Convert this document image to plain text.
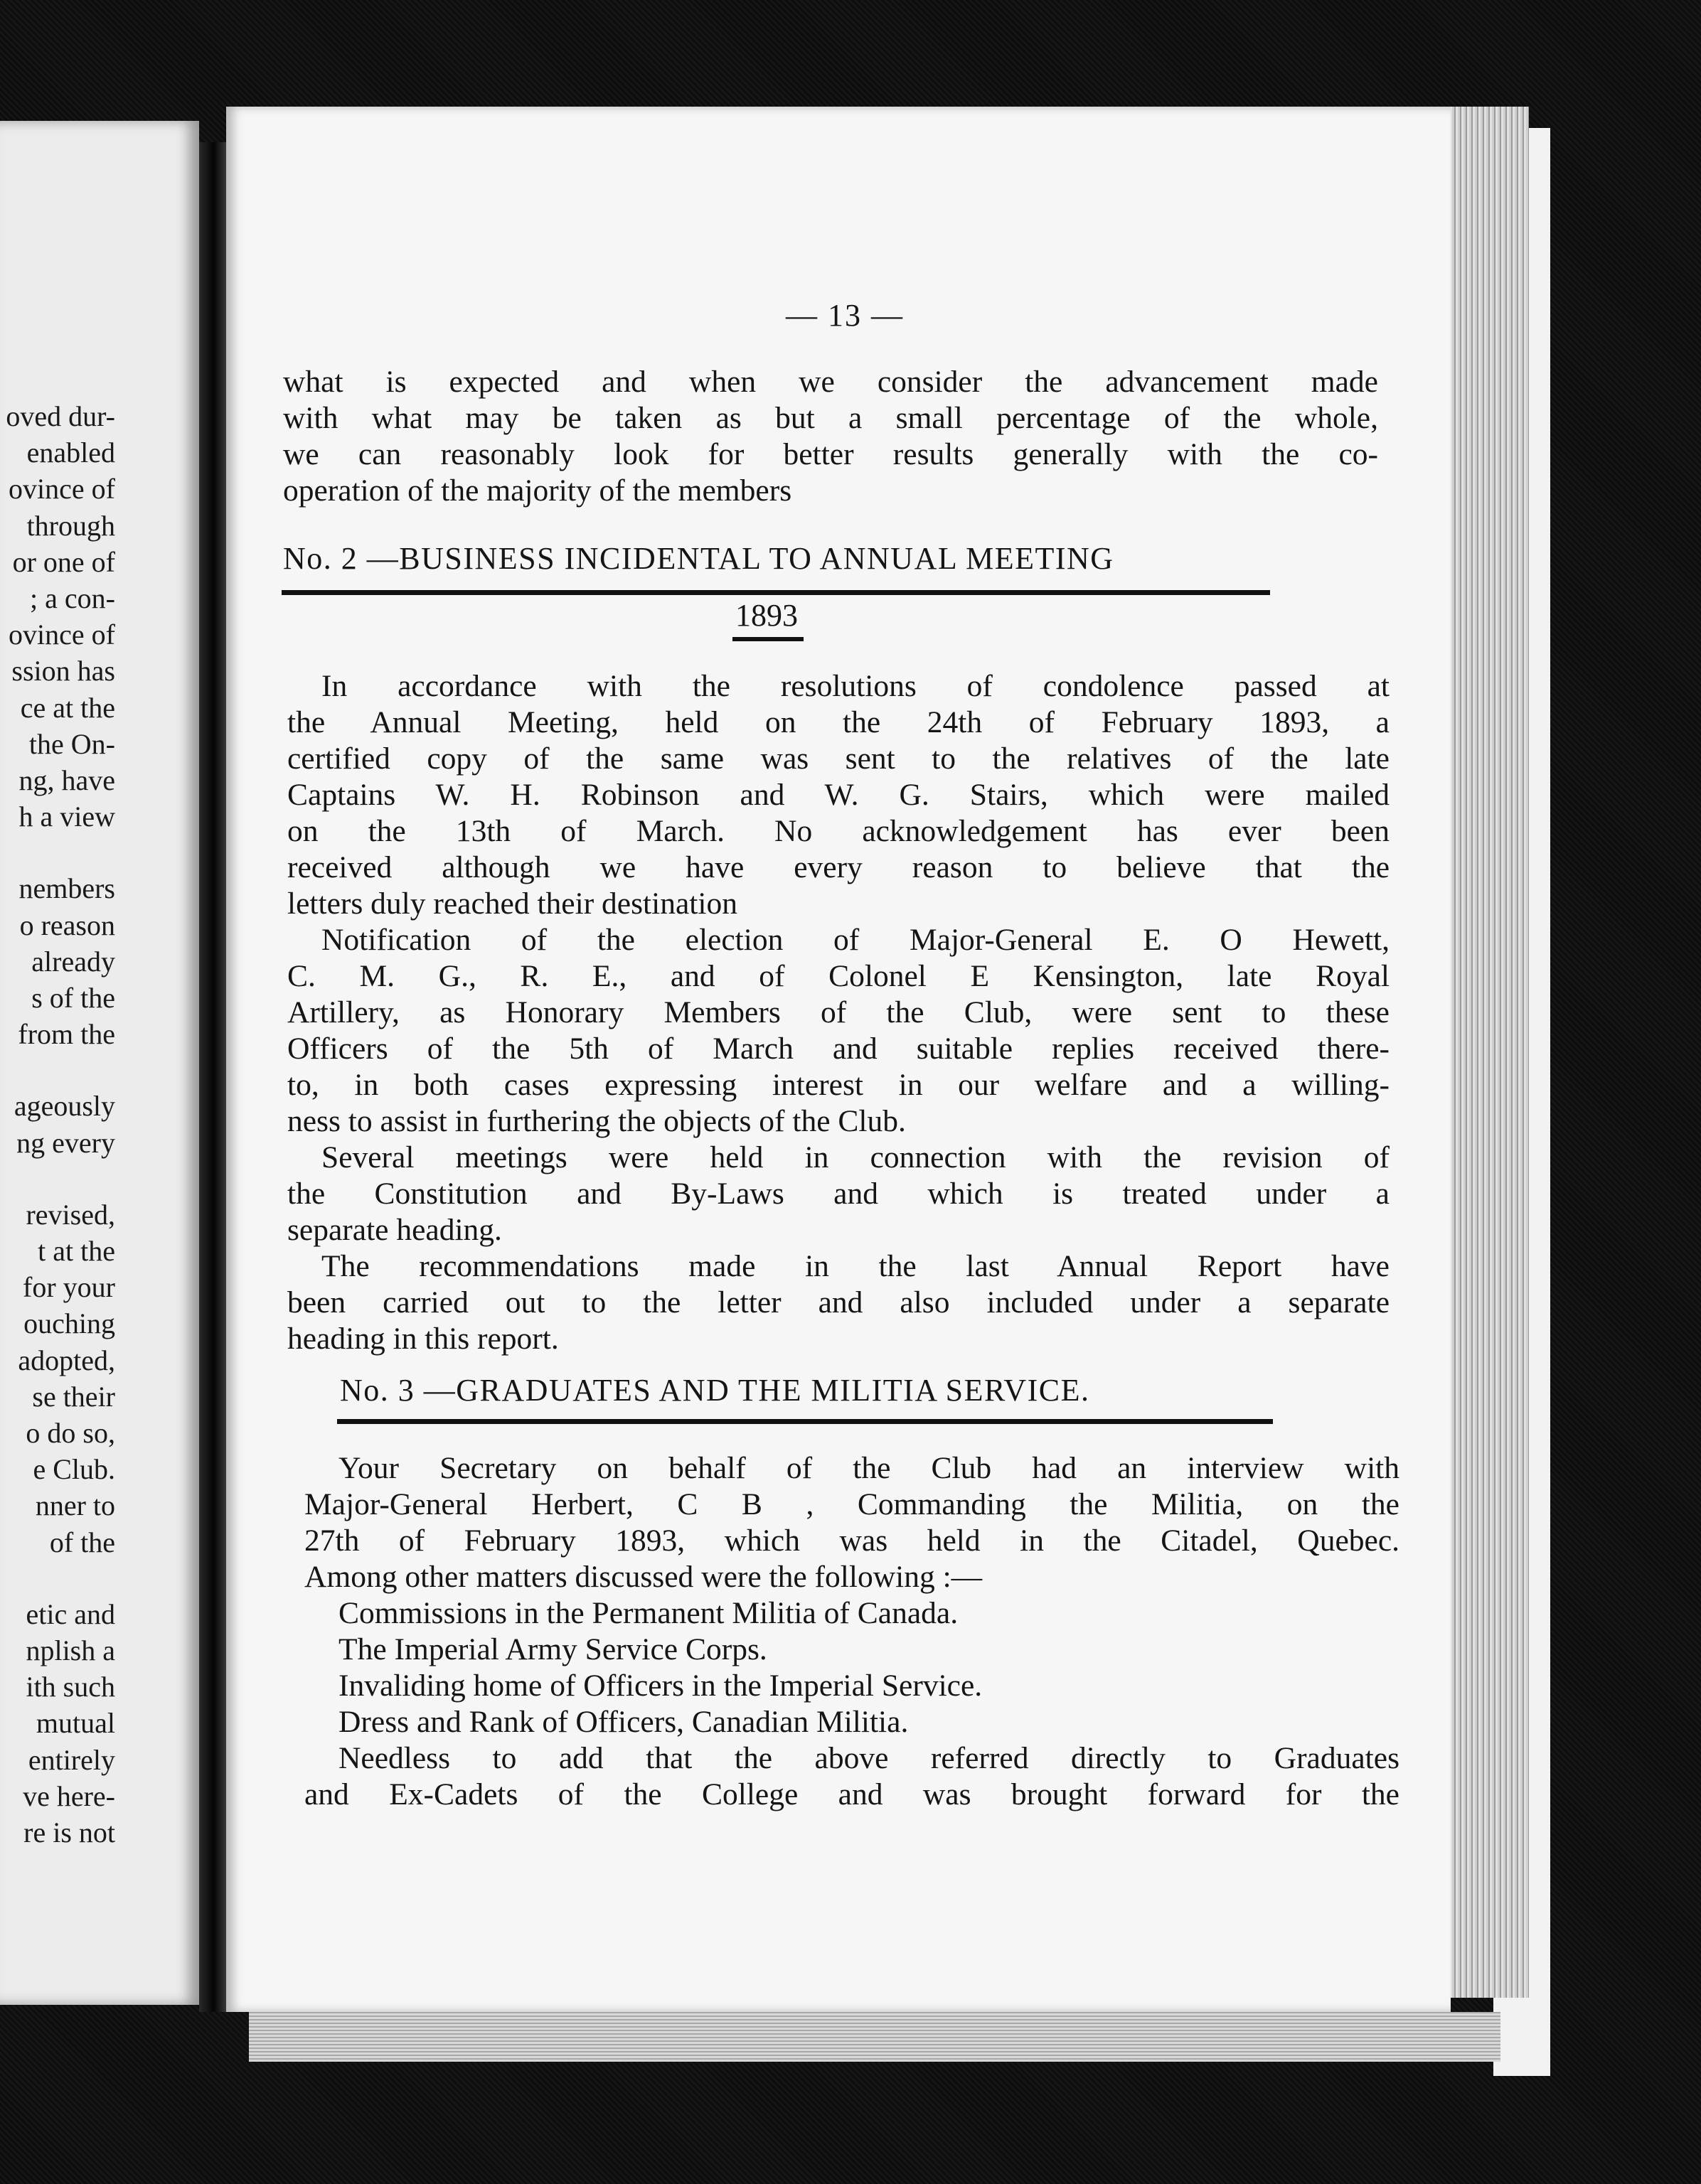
oved dur-
enabled
ovince of
through
or one of
; a con-
ovince of
ssion has
ce at the
the On-
ng, have
h a view
nembers
o reason
already
s of the
from the
ageously
ng every
revised,
t at the
for your
ouching
adopted,
se their
o do so,
e Club.
nner to
of the
etic and
nplish a
ith such
mutual
entirely
ve here-
re is not
— 13 —
what is expected and when we consider the advancement made
with what may be taken as but a small percentage of the whole,
we can reasonably look for better results generally with the co-
operation of the majority of the members
No. 2 —BUSINESS INCIDENTAL TO ANNUAL MEETING
1893
In accordance with the resolutions of condolence passed at
the Annual Meeting, held on the 24th of February 1893, a
certified copy of the same was sent to the relatives of the late
Captains W. H. Robinson and W. G. Stairs, which were mailed
on the 13th of March. No acknowledgement has ever been
received although we have every reason to believe that the
letters duly reached their destination
Notification of the election of Major-General E. O Hewett,
C. M. G., R. E., and of Colonel E Kensington, late Royal
Artillery, as Honorary Members of the Club, were sent to these
Officers of the 5th of March and suitable replies received there-
to, in both cases expressing interest in our welfare and a willing-
ness to assist in furthering the objects of the Club.
Several meetings were held in connection with the revision of
the Constitution and By-Laws and which is treated under a
separate heading.
The recommendations made in the last Annual Report have
been carried out to the letter and also included under a separate
heading in this report.
No. 3 —GRADUATES AND THE MILITIA SERVICE.
Your Secretary on behalf of the Club had an interview with
Major-General Herbert, C B , Commanding the Militia, on the
27th of February 1893, which was held in the Citadel, Quebec.
Among other matters discussed were the following :—
Commissions in the Permanent Militia of Canada.
The Imperial Army Service Corps.
Invaliding home of Officers in the Imperial Service.
Dress and Rank of Officers, Canadian Militia.
Needless to add that the above referred directly to Graduates
and Ex-Cadets of the College and was brought forward for the
